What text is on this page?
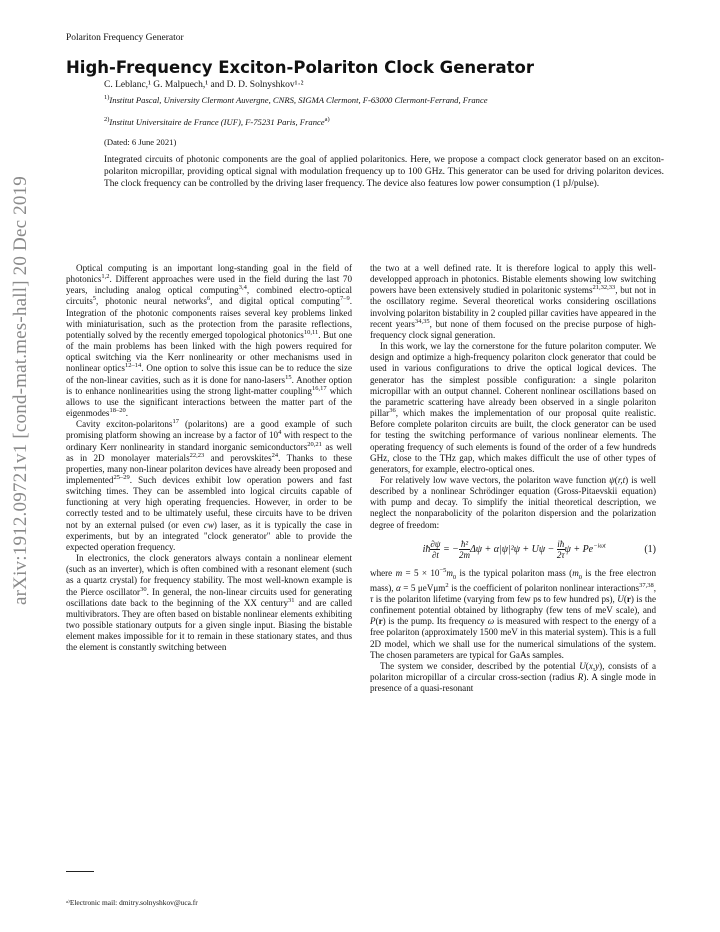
Polariton Frequency Generator
High-Frequency Exciton-Polariton Clock Generator
C. Leblanc,¹ G. Malpuech,¹ and D. D. Solnyshkov¹·²
$^{1)}$Institut Pascal, University Clermont Auvergne, CNRS, SIGMA Clermont, F-63000 Clermont-Ferrand, France
$^{2)}$Institut Universitaire de France (IUF), F-75231 Paris, France$^{a)}$
(Dated: 6 June 2021)
Integrated circuits of photonic components are the goal of applied polaritonics. Here, we propose a compact clock generator based on an exciton-polariton micropillar, providing optical signal with modulation frequency up to 100 GHz. This generator can be used for driving polariton devices. The clock frequency can be controlled by the driving laser frequency. The device also features low power consumption (1 pJ/pulse).
arXiv:1912.09721v1 [cond-mat.mes-hall] 20 Dec 2019	Optical computing is an important long-standing goal in the field of photonics$^{1,2}$. Different approaches were used in the field during the last 70 years, including analog optical computing$^{3,4}$, combined electro-optical circuits$^5$, photonic neural networks$^6$, and digital optical computing$^{7-9}$. Integration of the photonic components raises several key problems linked with miniaturisation, such as the protection from the parasite reflections, potentially solved by the recently emerged topological photonics$^{10,11}$. But one of the main problems has been linked with the high powers required for optical switching via the Kerr nonlinearity or other mechanisms used in nonlinear optics$^{12-14}$. One option to solve this issue can be to reduce the size of the non-linear cavities, such as it is done for nano-lasers$^{15}$. Another option is to enhance nonlinearities using the strong light-matter coupling$^{16,17}$ which allows to use the significant interactions between the matter part of the eigenmodes$^{18-20}$.

Cavity exciton-polaritons$^{17}$ (polaritons) are a good example of such promising platform showing an increase by a factor of $10^4$ with respect to the ordinary Kerr nonlinearity in standard inorganic semiconductors$^{20,21}$ as well as in 2D monolayer materials$^{22,23}$ and perovskites$^{24}$. Thanks to these properties, many non-linear polariton devices have already been proposed and implemented$^{25-29}$. Such devices exhibit low operation powers and fast switching times. They can be assembled into logical circuits capable of functioning at very high operating frequencies. However, in order to be correctly tested and to be ultimately useful, these circuits have to be driven not by an external pulsed (or even cw) laser, as it is typically the case in experiments, but by an integrated "clock generator" able to provide the expected operation frequency.

In electronics, the clock generators always contain a nonlinear element (such as an inverter), which is often combined with a resonant element (such as a quartz crystal) for frequency stability. The most well-known example is the Pierce oscillator$^{30}$. In general, the non-linear circuits used for generating oscillations date back to the beginning of the XX century$^{31}$ and are called multivibrators. They are often based on bistable nonlinear elements exhibiting two possible stationary outputs for a given single input. Biasing the bistable element makes impossible for it to remain in these stationary states, and thus the element is constantly switching between

the two at a well defined rate. It is therefore logical to apply this well-developped approach in photonics. Bistable elements showing low switching powers have been extensively studied in polaritonic systems$^{21,32,33}$, but not in the oscillatory regime. Several theoretical works considering oscillations involving polariton bistability in 2 coupled pillar cavities have appeared in the recent years$^{34,35}$, but none of them focused on the precise purpose of high-frequency clock signal generation.

In this work, we lay the cornerstone for the future polariton computer. We design and optimize a high-frequency polariton clock generator that could be used in various configurations to drive the optical logical devices. The generator has the simplest possible configuration: a single polariton micropillar with an output channel. Coherent nonlinear oscillations based on the parametric scattering have already been observed in a single polariton pillar$^{36}$, which makes the implementation of our proposal quite realistic. Before complete polariton circuits are built, the clock generator can be used for testing the switching performance of various nonlinear elements. The operating frequency of such elements is found of the order of a few hundreds GHz, close to the THz gap, which makes difficult the use of other types of generators, for example, electro-optical ones.

For relatively low wave vectors, the polariton wave function ψ(r,t) is well described by a nonlinear Schrödinger equation (Gross-Pitaevskii equation) with pump and decay. To simplify the initial theoretical description, we neglect the nonparabolicity of the polariton dispersion and the polarization degree of freedom:

iħ $\frac{\partial\psi}{\partial t}$ = − $\frac{\text{ħ²}}{2m}$ $\Delta\psi + \alpha|\psi|^2\psi + U\psi - \frac{iħ}{2\tau}$ $\psi + Pe^{-i\omega t}$	(1)

where $m = 5 \times 10^{-5}m_0$ is the typical polariton mass ($m_0$ is the free electron mass), α = 5 μeVμm$^2$ is the coefficient of polariton nonlinear interactions$^{37,38}$, τ is the polariton lifetime (varying from few ps to few hundred ps), U(r) is the confinement potential obtained by lithography (few tens of meV scale), and P(r) is the pump. Its frequency ω is measured with respect to the energy of a free polariton (approximately 1500 meV in this material system). This is a full 2D model, which we shall use for the numerical simulations of the system. The chosen parameters are typical for GaAs samples.

The system we consider, described by the potential U(x,y), consists of a polariton micropillar of a circular cross-section (radius R). A single mode in presence of a quasi-resonant

ᵃ⁾Electronic mail: dmitry.solnyshkov@uca.fr
